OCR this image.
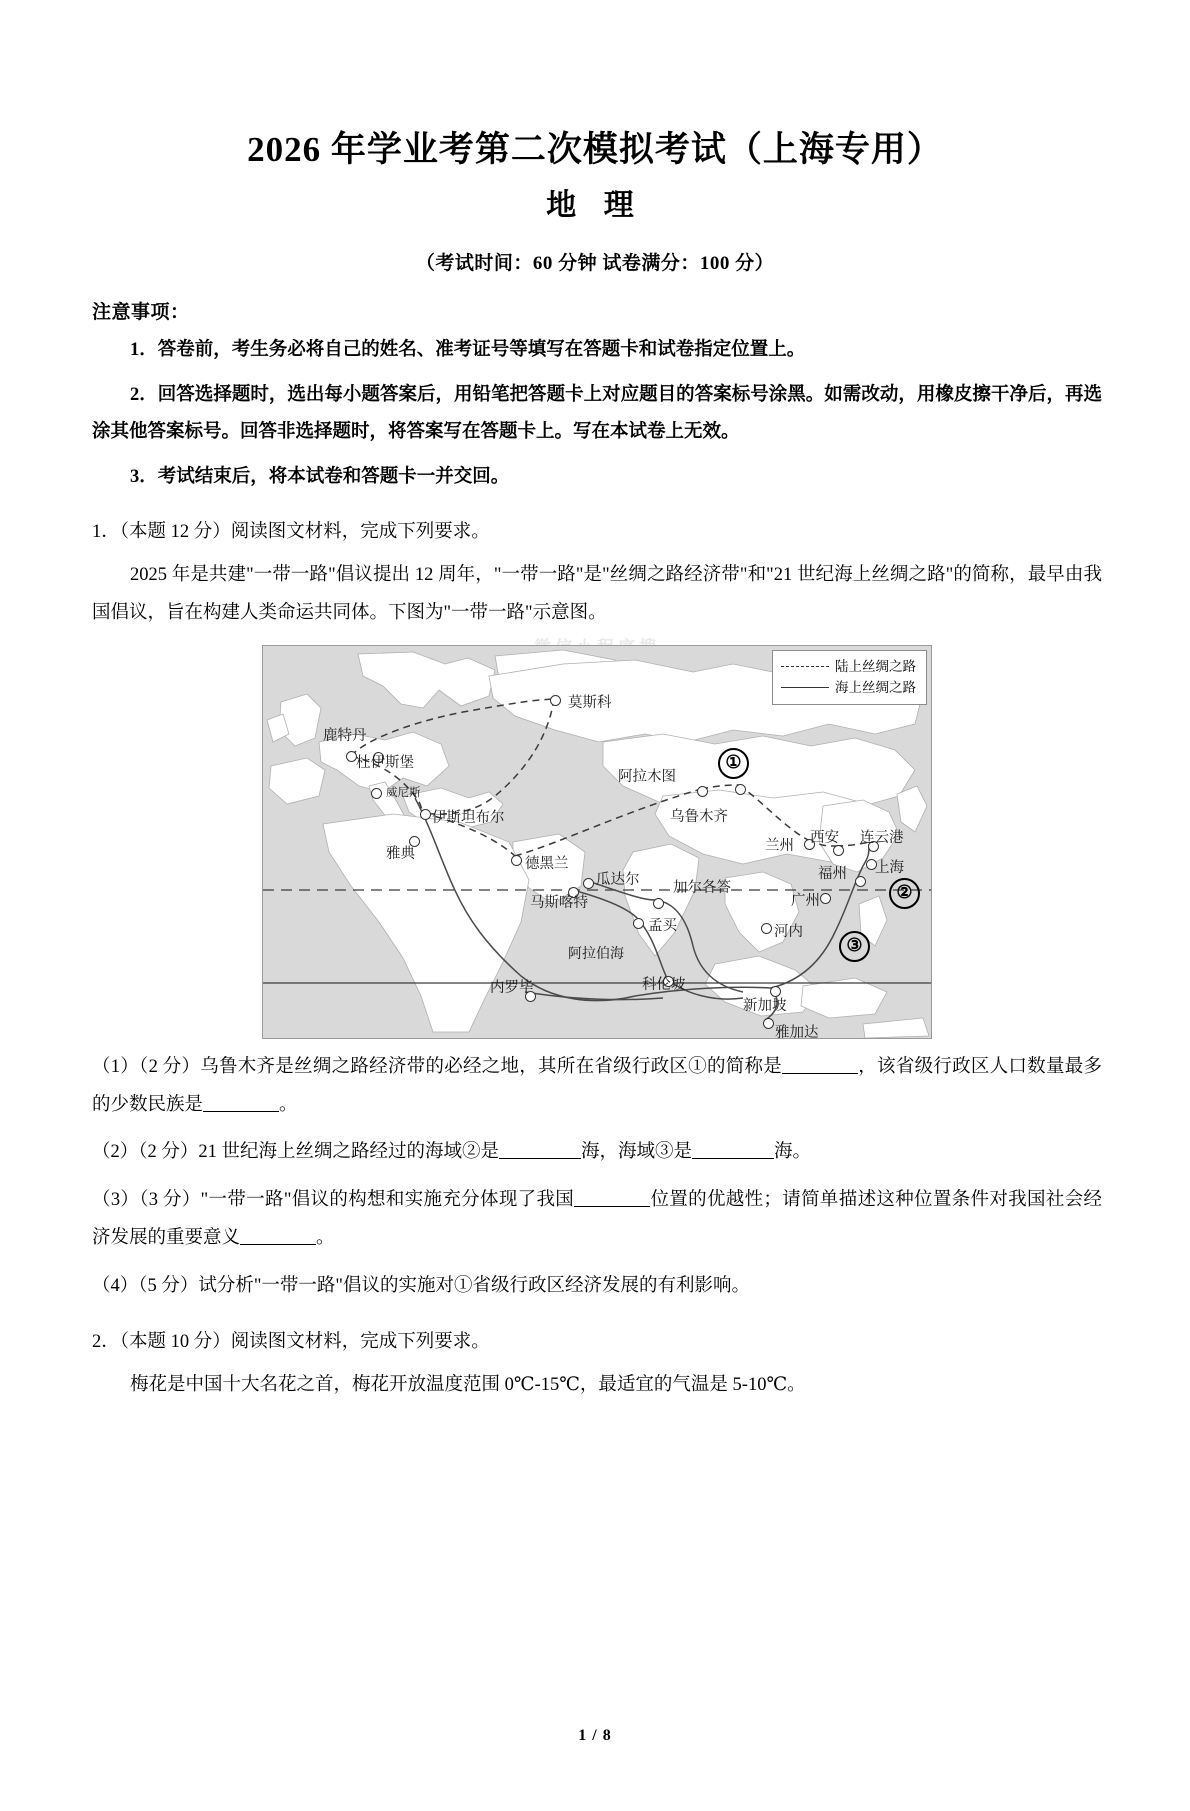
2026 年学业考第二次模拟考试（上海专用）
地 理
（考试时间：60 分钟 试卷满分：100 分）
注意事项：
1．答卷前，考生务必将自己的姓名、准考证号等填写在答题卡和试卷指定位置上。
2．回答选择题时，选出每小题答案后，用铅笔把答题卡上对应题目的答案标号涂黑。如需改动，用橡皮擦干净后，再选涂其他答案标号。回答非选择题时，将答案写在答题卡上。写在本试卷上无效。
3．考试结束后，将本试卷和答题卡一并交回。
1．（本题 12 分）阅读图文材料，完成下列要求。
2025 年是共建"一带一路"倡议提出 12 周年，"一带一路"是"丝绸之路经济带"和"21 世纪海上丝绸之路"的简称，最早由我国倡议，旨在构建人类命运共同体。下图为"一带一路"示意图。
陆上丝绸之路
海上丝绸之路
莫斯科
鹿特丹
杜伊斯堡
威尼斯
伊斯坦布尔
雅典
德黑兰
阿拉木图
乌鲁木齐
兰州 西安 连云港
上海
福州
广州
河内
瓜达尔
马斯喀特
加尔各答
孟买
科伦坡
内罗毕
新加坡
雅加达
阿拉伯海
①
②
③
（1）（2 分）乌鲁木齐是丝绸之路经济带的必经之地，其所在省级行政区①的简称是	，该省级行政区人口数量最多的少数民族是	。
（2）（2 分）21 世纪海上丝绸之路经过的海域②是	海，海域③是	海。
（3）（3 分）"一带一路"倡议的构想和实施充分体现了我国	位置的优越性；请简单描述这种位置条件对我国社会经济发展的重要意义	。
（4）（5 分）试分析"一带一路"倡议的实施对①省级行政区经济发展的有利影响。
2．（本题 10 分）阅读图文材料，完成下列要求。
梅花是中国十大名花之首，梅花开放温度范围 0℃-15℃，最适宜的气温是 5-10℃。
1 / 8
